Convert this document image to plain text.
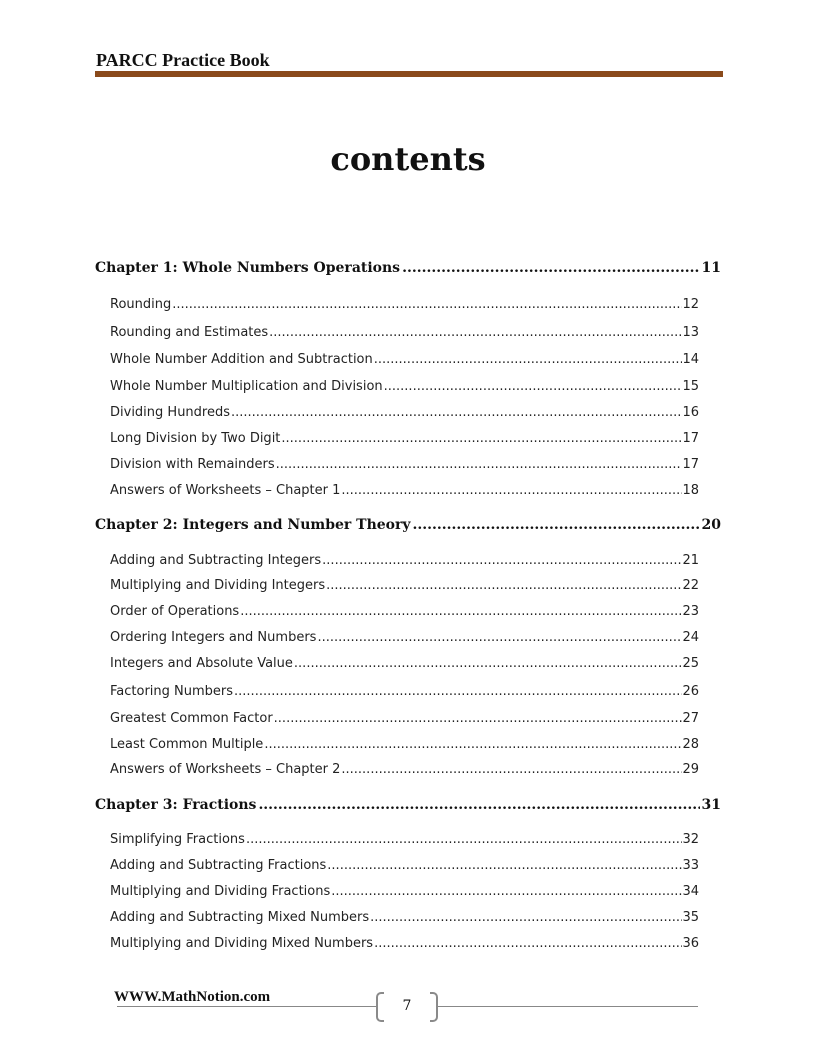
PARCC Practice Book
contents
Chapter 1: Whole Numbers Operations .....	11
Rounding .....	12
Rounding and Estimates .....	13
Whole Number Addition and Subtraction .....	14
Whole Number Multiplication and Division .....	15
Dividing Hundreds .....	16
Long Division by Two Digit .....	17
Division with Remainders .....	17
Answers of Worksheets – Chapter 1 .....	18
Chapter 2: Integers and Number Theory .....	20
Adding and Subtracting Integers .....	21
Multiplying and Dividing Integers .....	22
Order of Operations .....	23
Ordering Integers and Numbers .....	24
Integers and Absolute Value .....	25
Factoring Numbers .....	26
Greatest Common Factor .....	27
Least Common Multiple .....	28
Answers of Worksheets – Chapter 2 .....	29
Chapter 3: Fractions .....	31
Simplifying Fractions .....	32
Adding and Subtracting Fractions .....	33
Multiplying and Dividing Fractions .....	34
Adding and Subtracting Mixed Numbers .....	35
Multiplying and Dividing Mixed Numbers .....	36
WWW.MathNotion.com
7
